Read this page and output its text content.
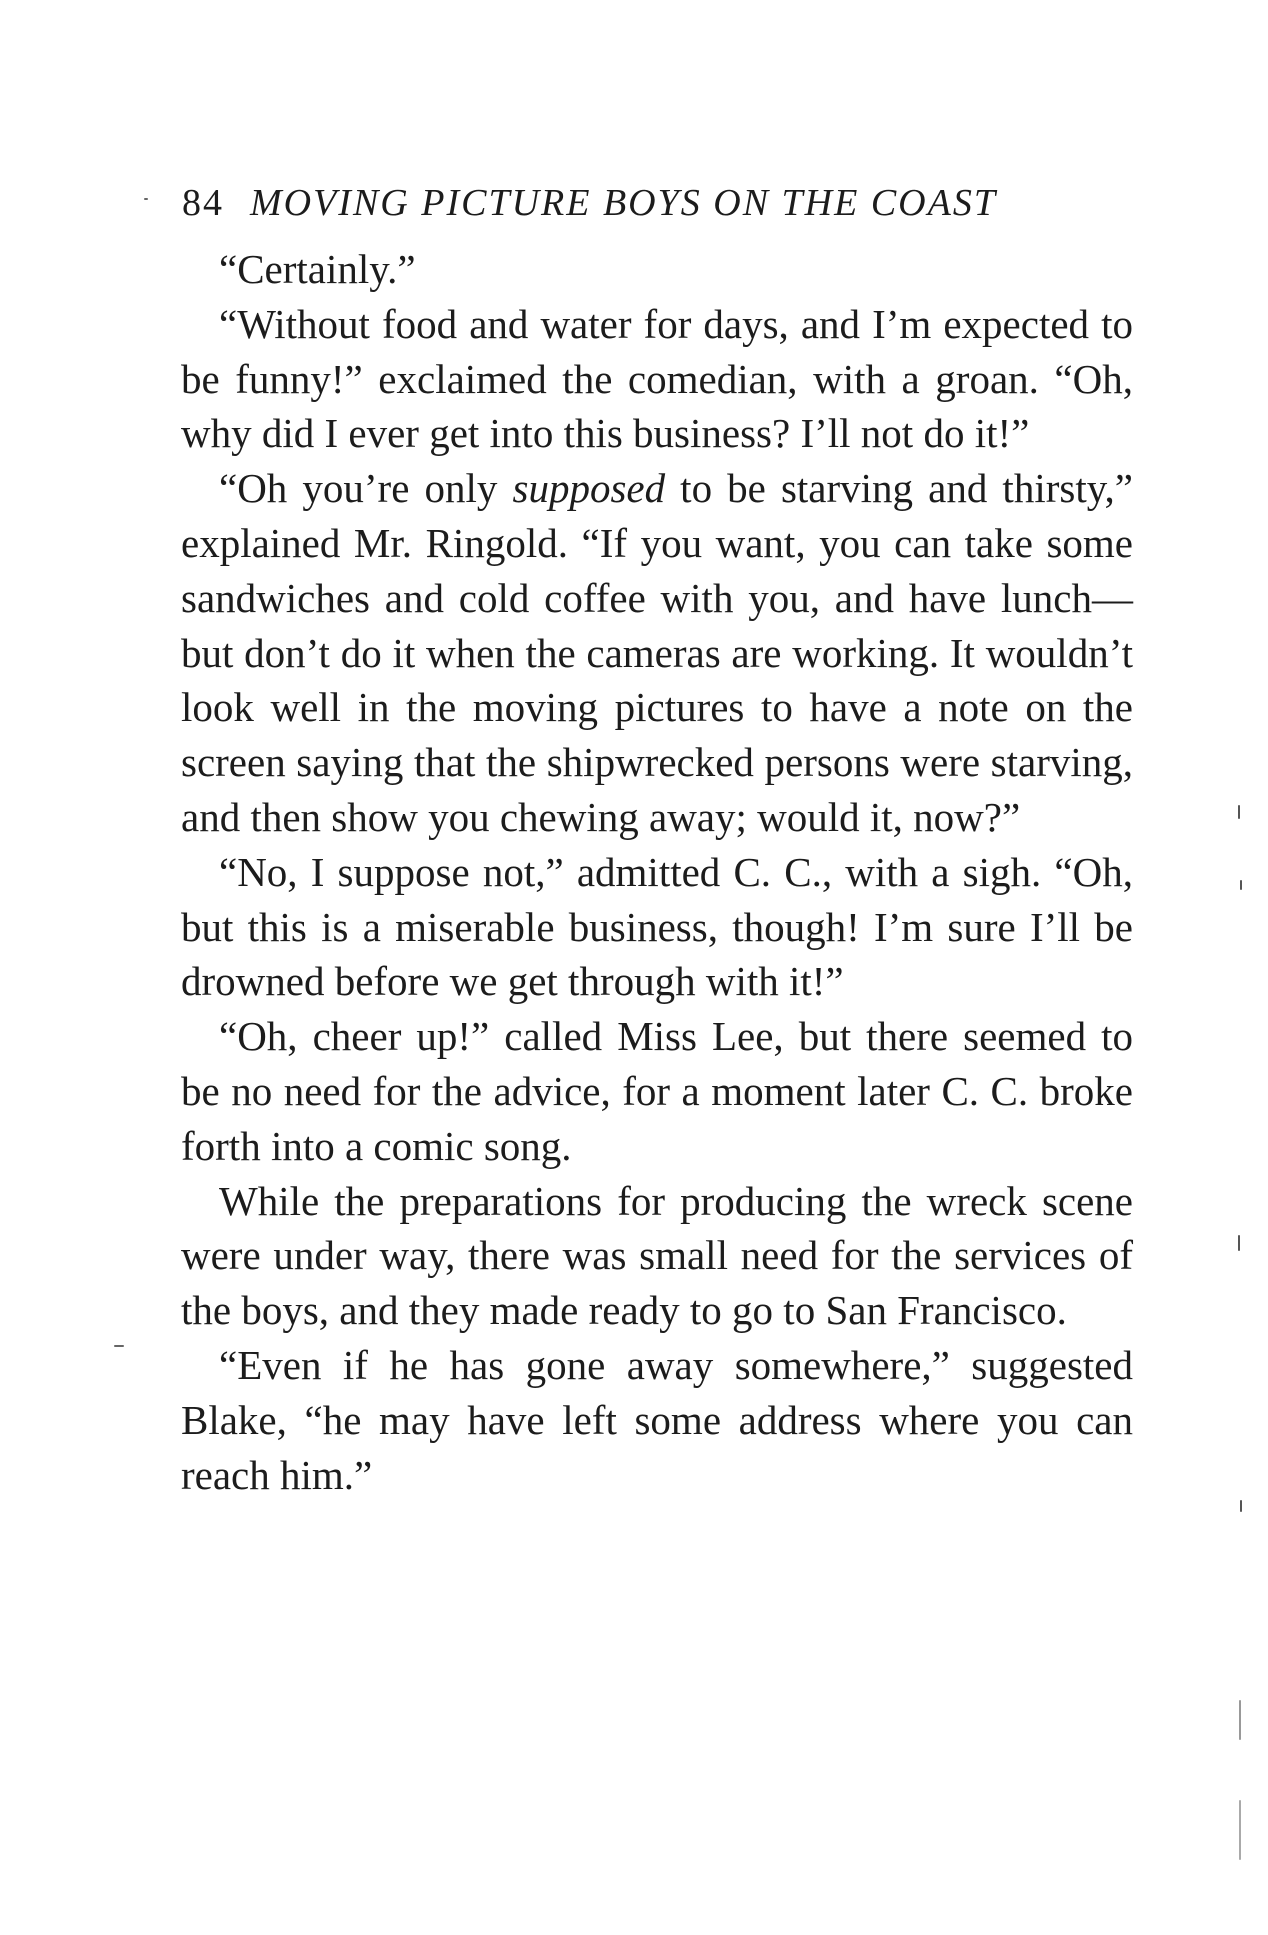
84 MOVING PICTURE BOYS ON THE COAST

“Certainly.”

“Without food and water for days, and I’m expected to be funny!” exclaimed the comedian, with a groan. “Oh, why did I ever get into this business? I’ll not do it!”

“Oh you’re only supposed to be starving and thirsty,” explained Mr. Ringold. “If you want, you can take some sandwiches and cold coffee with you, and have lunch—but don’t do it when the cameras are working. It wouldn’t look well in the moving pictures to have a note on the screen saying that the shipwrecked persons were starving, and then show you chewing away; would it, now?”

“No, I suppose not,” admitted C. C., with a sigh. “Oh, but this is a miserable business, though! I’m sure I’ll be drowned before we get through with it!”

“Oh, cheer up!” called Miss Lee, but there seemed to be no need for the advice, for a moment later C. C. broke forth into a comic song.

While the preparations for producing the wreck scene were under way, there was small need for the services of the boys, and they made ready to go to San Francisco.

“Even if he has gone away somewhere,” suggested Blake, “he may have left some address where you can reach him.”
